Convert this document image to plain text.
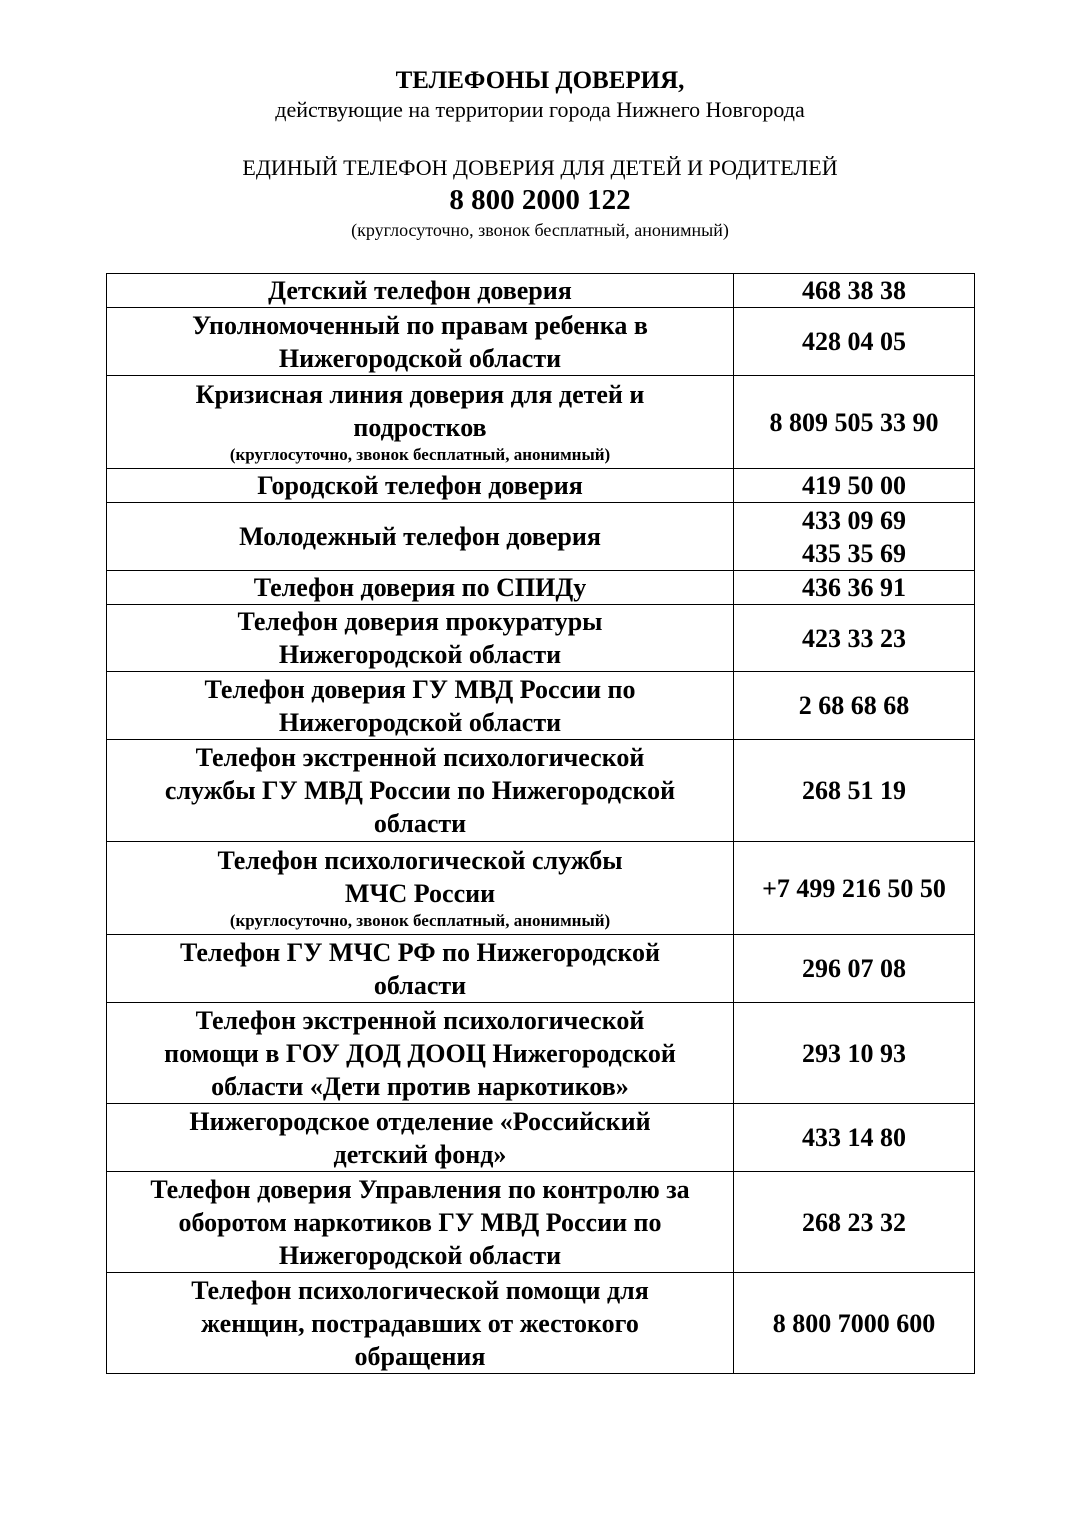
ТЕЛЕФОНЫ ДОВЕРИЯ,
действующие на территории города Нижнего Новгорода
ЕДИНЫЙ ТЕЛЕФОН ДОВЕРИЯ ДЛЯ ДЕТЕЙ И РОДИТЕЛЕЙ
8 800 2000 122
(круглосуточно, звонок бесплатный, анонимный)
Детский телефон доверия	468 38 38

Уполномоченный по правам ребенка в
Нижегородской области	428 04 05

Кризисная линия доверия для детей и
подростков
(круглосуточно, звонок бесплатный, анонимный)	8 809 505 33 90

Городской телефон доверия	419 50 00

Молодежный телефон доверия	433 09 69
435 35 69

Телефон доверия по СПИДу	436 36 91

Телефон доверия прокуратуры
Нижегородской области	423 33 23

Телефон доверия ГУ МВД России по
Нижегородской области	2 68 68 68

Телефон экстренной психологической
службы ГУ МВД России по Нижегородской
области	268 51 19

Телефон психологической службы
МЧС России
(круглосуточно, звонок бесплатный, анонимный)	+7 499 216 50 50

Телефон ГУ МЧС РФ по Нижегородской
области	296 07 08

Телефон экстренной психологической
помощи в ГОУ ДОД ДООЦ Нижегородской
области «Дети против наркотиков»	293 10 93

Нижегородское отделение «Российский
детский фонд»	433 14 80

Телефон доверия Управления по контролю за
оборотом наркотиков ГУ МВД России по
Нижегородской области	268 23 32

Телефон психологической помощи для
женщин, пострадавших от жестокого
обращения	8 800 7000 600
